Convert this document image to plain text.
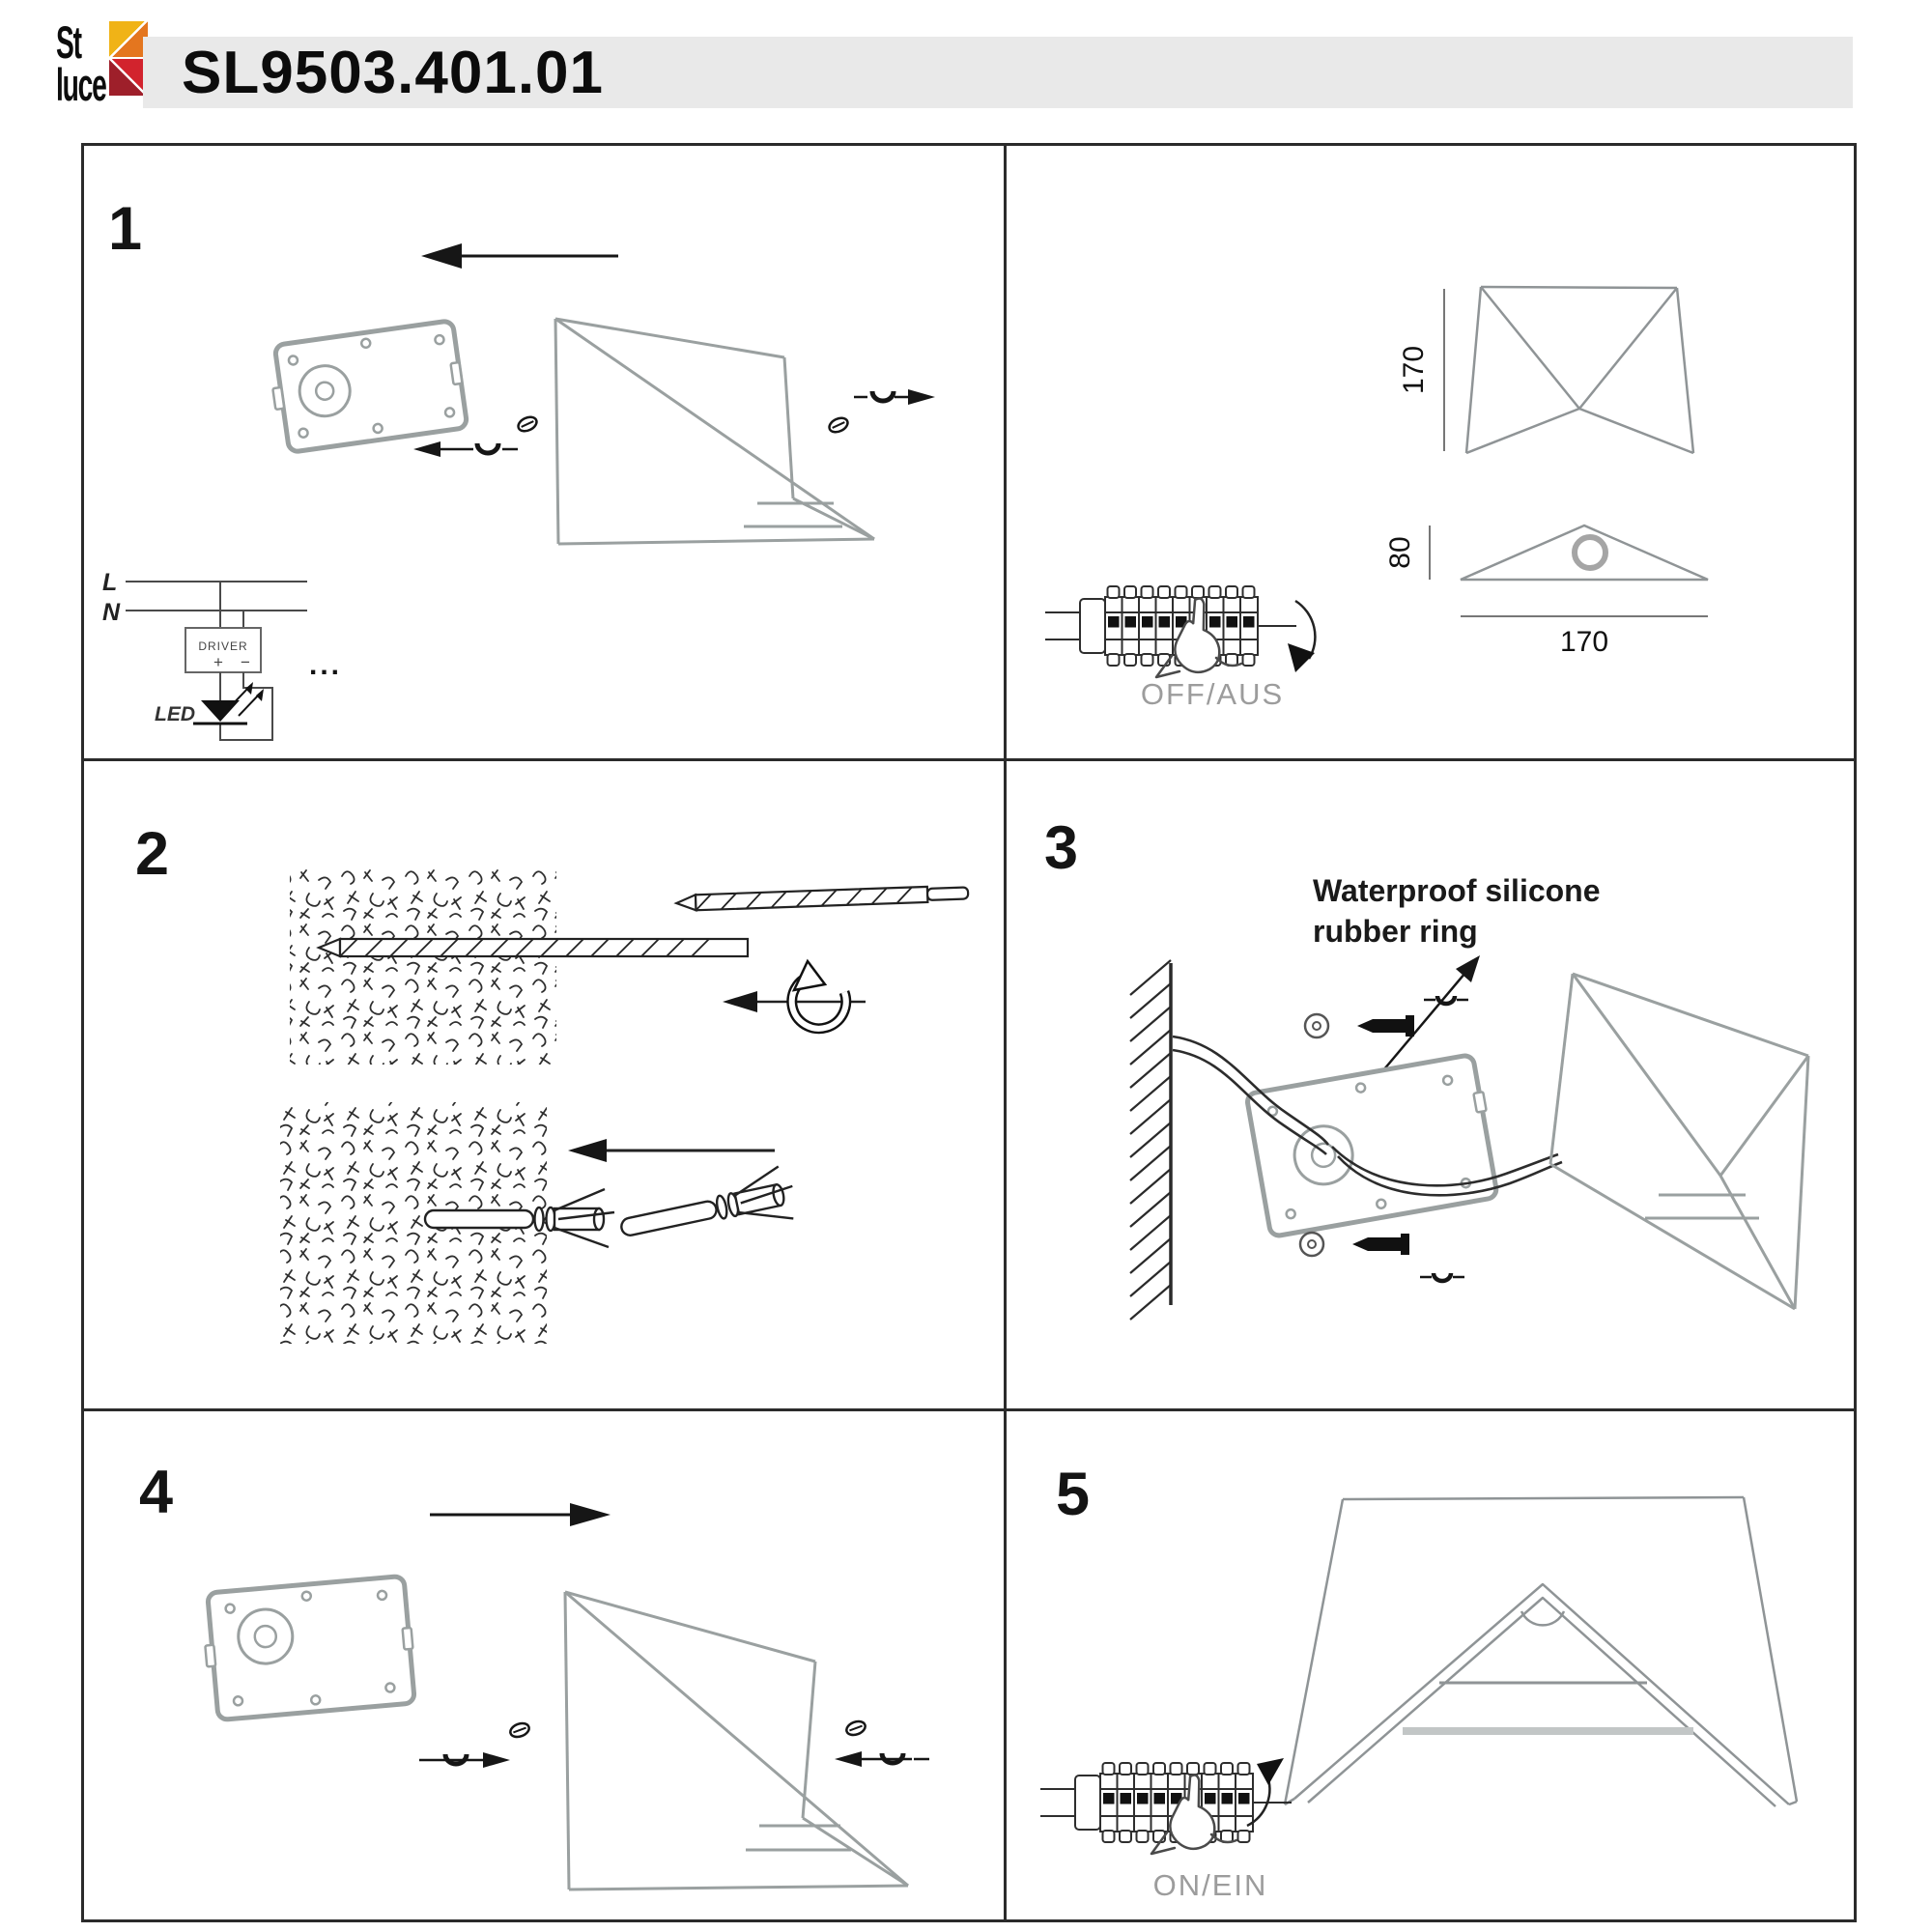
St
luce	SL9503.401.01
1
L
N
DRIVER
+ −
LED
...
170
80
170
OFF/AUS
2	3
Waterproof silicone
rubber ring
4	5
ON/EIN
